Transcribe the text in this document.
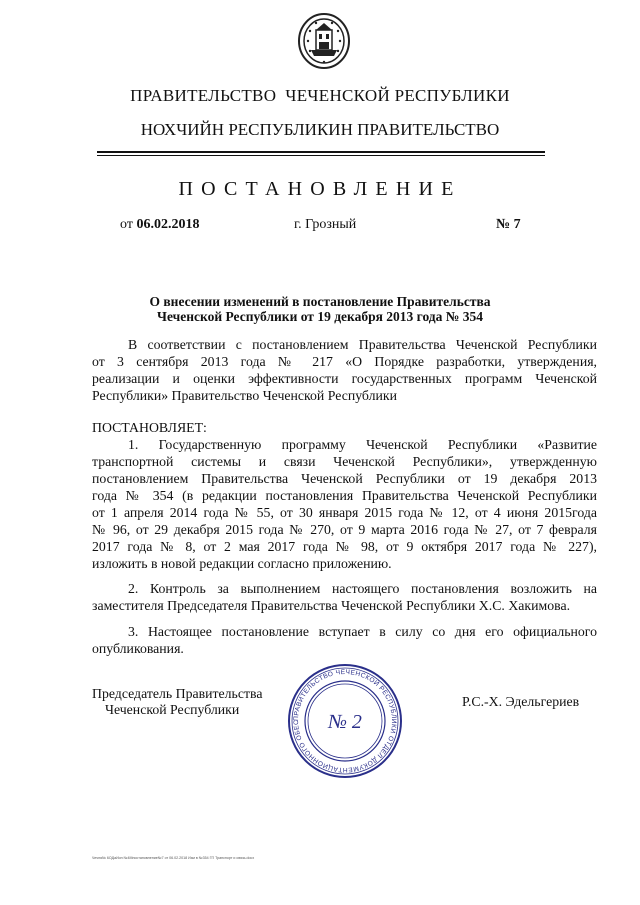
ПРАВИТЕЛЬСТВО  ЧЕЧЕНСКОЙ РЕСПУБЛИКИ
НОХЧИЙН РЕСПУБЛИКИН ПРАВИТЕЛЬСТВО
ПОСТАНОВЛЕНИЕ
от 06.02.2018	г. Грозный	№ 7
О внесении изменений в постановление Правительства
Чеченской Республики от 19 декабря 2013 года № 354
В соответствии с постановлением Правительства Чеченской Республики
от 3 сентября 2013 года № 217 «О Порядке разработки, утверждения,
реализации и оценки эффективности государственных программ Чеченской
Республики» Правительство Чеченской Республики
ПОСТАНОВЛЯЕТ:
1. Государственную программу Чеченской Республики «Развитие
транспортной системы и связи Чеченской Республики», утвержденную
постановлением Правительства Чеченской Республики от 19 декабря 2013
года № 354 (в редакции постановления Правительства Чеченской Республики
от 1 апреля 2014 года № 55, от 30 января 2015 года № 12, от 4 июня 2015года
№ 96, от 29 декабря 2015 года № 270, от 9 марта 2016 года № 27, от 7 февраля
2017 года № 8, от 2 мая 2017 года № 98, от 9 октября 2017 года № 227),
изложить в новой редакции согласно приложению.
2. Контроль за выполнением настоящего постановления возложить на
заместителя Председателя Правительства Чеченской Республики Х.С. Хакимова.
3. Настоящее постановление вступает в силу со дня его официального
опубликования.
ПРАВИТЕЛЬСТВО ЧЕЧЕНСКОЙ РЕСПУБЛИКИ ОТДЕЛ ДОКУМЕНТАЦИОННОГО ОБЕС	№ 2
Председатель Правительства
Чеченской Республики
Р.С.-Х. Эдельгериев
Чечня№ 6ОДаИон №4Мпостановление№7 от 06.02.2018 Изм в №354 ГП Транспорт и связь.docx
